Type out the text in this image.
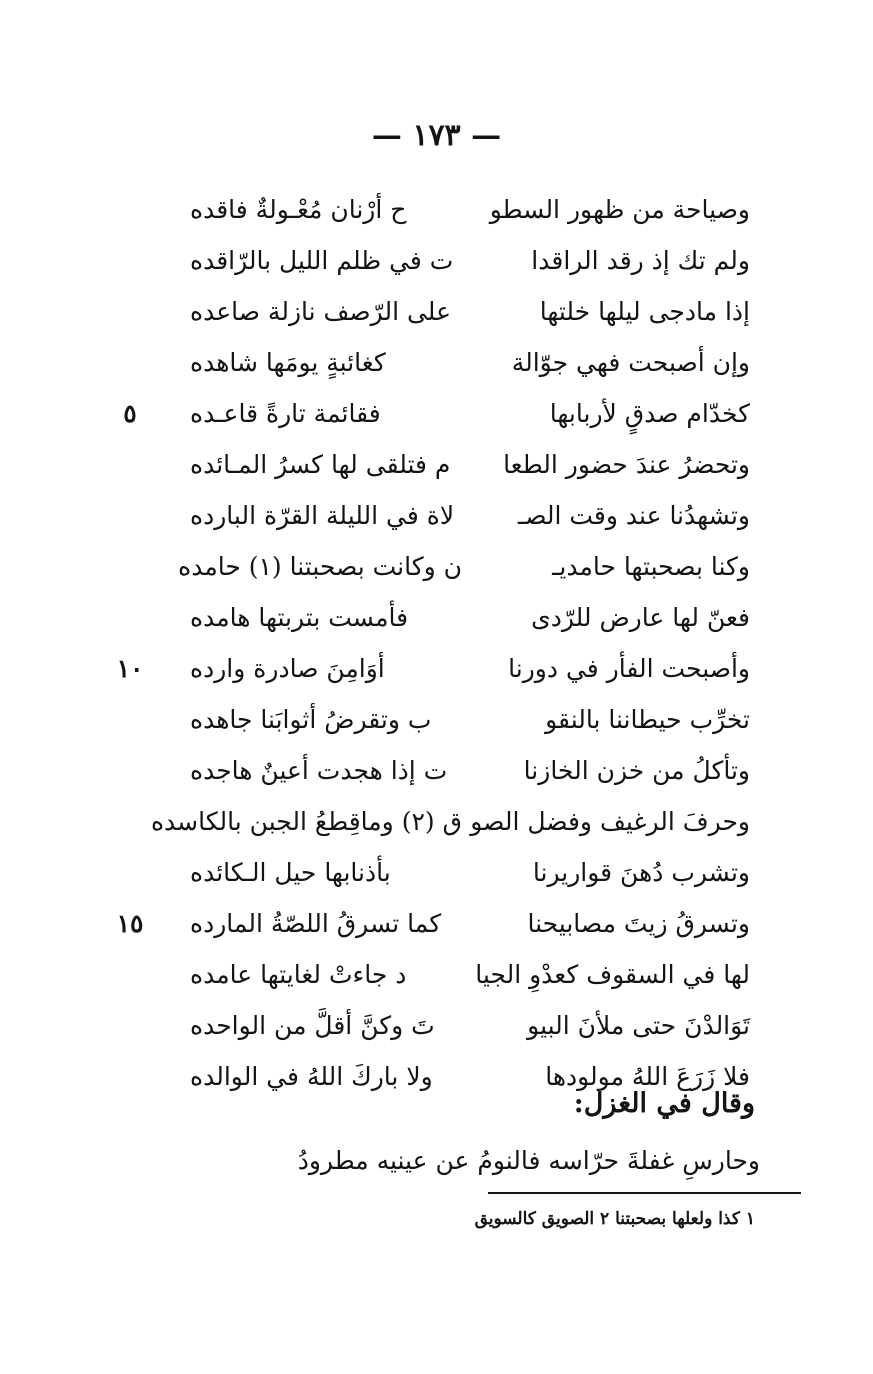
— ١٧٣ —
وصياحة من ظهور السطو
ح أرْنان مُعْـولةٌ فاقده
ولم تك إذ رقد الراقدا
ت في ظلم الليل بالرّاقده
إذا مادجى ليلها خلتها
على الرّصف نازلة صاعده
وإن أصبحت فهي جوّالة
كغائبةٍ يومَها شاهده
كخدّام صدقٍ لأربابها
فقائمة تارةً قاعـده
وتحضرُ عندَ حضور الطعا
م فتلقى لها كسرُ المـائده
وتشهدُنا عند وقت الصـ
لاة في الليلة القرّة البارده
وكنا بصحبتها حامديـ
ن وكانت بصحبتنا (١) حامده
فعنّ لها عارض للرّدى
فأمست بتربتها هامده
وأصبحت الفأر في دورنا
أوَامِنَ صادرة وارده
تخرِّب حيطاننا بالنقو
ب وتقرضُ أثوابَنا جاهده
وتأكلُ من خزن الخازنا
ت إذا هجدت أعينٌ هاجده
وحرفَ الرغيف وفضل الصو
ق (٢) وماقِطعُ الجبن بالكاسده
وتشرب دُهنَ قواريرنا
بأذنابها حيل الـكائده
وتسرقُ زيتَ مصابيحنا
كما تسرقُ اللصّةُ المارده
لها في السقوف كعدْوِ الجيا
د جاءتْ لغايتها عامده
تَوَالدْنَ حتى ملأنَ البيو
تَ وكنَّ أقلَّ من الواحده
فلا زَرَعَ اللهُ مولودها
ولا باركَ اللهُ في الوالده
٥
١٠
١٥
وقال في الغزل:
وحارسِ غفلةَ حرّاسه فالنومُ عن عينيه مطرودُ
١ كذا ولعلها بصحبتنا ٢ الصويق كالسويق
